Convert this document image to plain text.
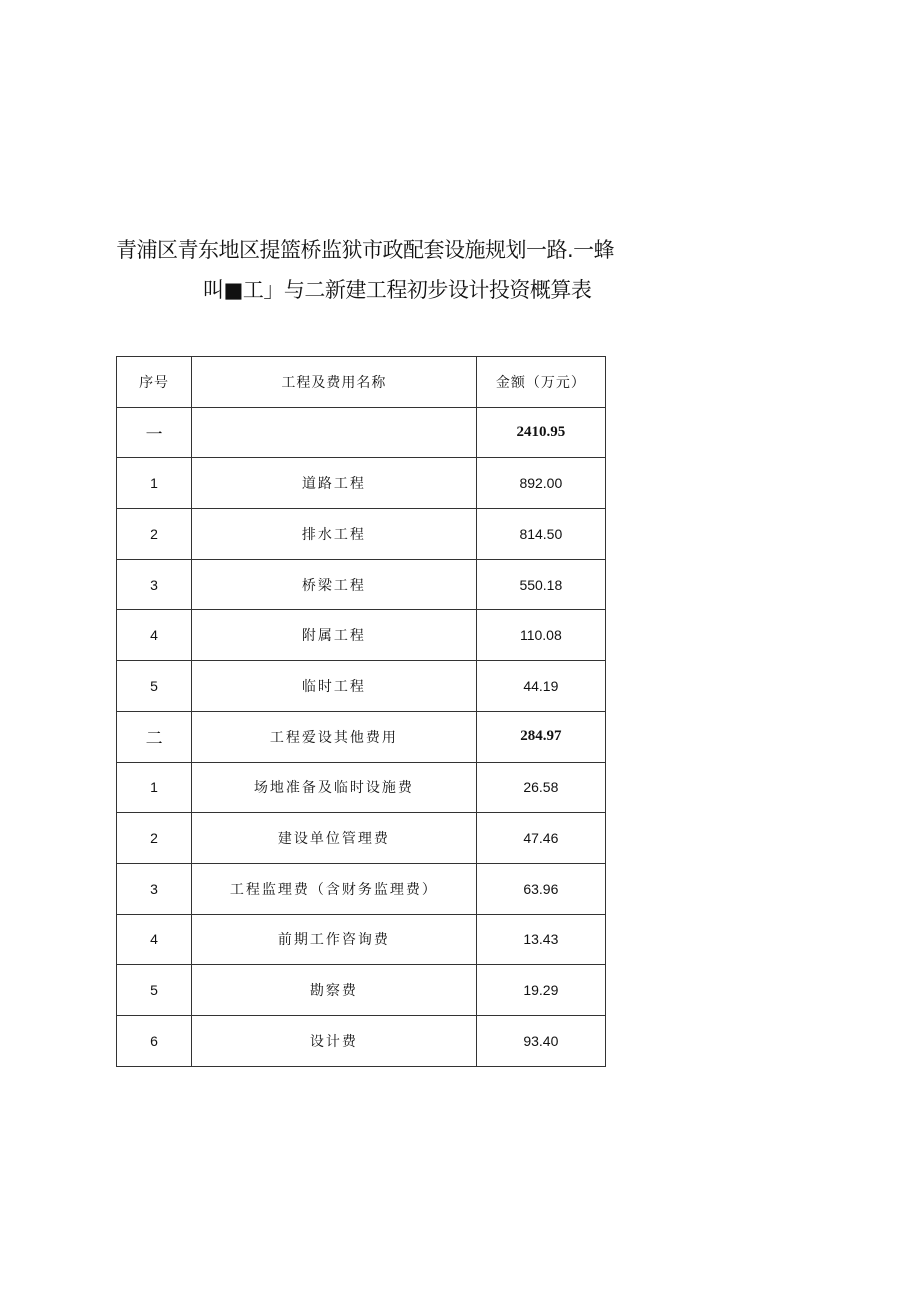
青浦区青东地区提篮桥监狱市政配套设施规划一路.一蜂
叫■工」与二新建工程初步设计投资概算表
序号	工程及费用名称	金额（万元）
一		2410.95
1	道路工程	892.00
2	排水工程	814.50
3	桥梁工程	550.18
4	附属工程	110.08
5	临时工程	44.19
二	工程爱设其他费用	284.97
1	场地准备及临时设施费	26.58
2	建设单位管理费	47.46
3	工程监理费（含财务监理费）	63.96
4	前期工作咨询费	13.43
5	勘察费	19.29
6	设计费	93.40
